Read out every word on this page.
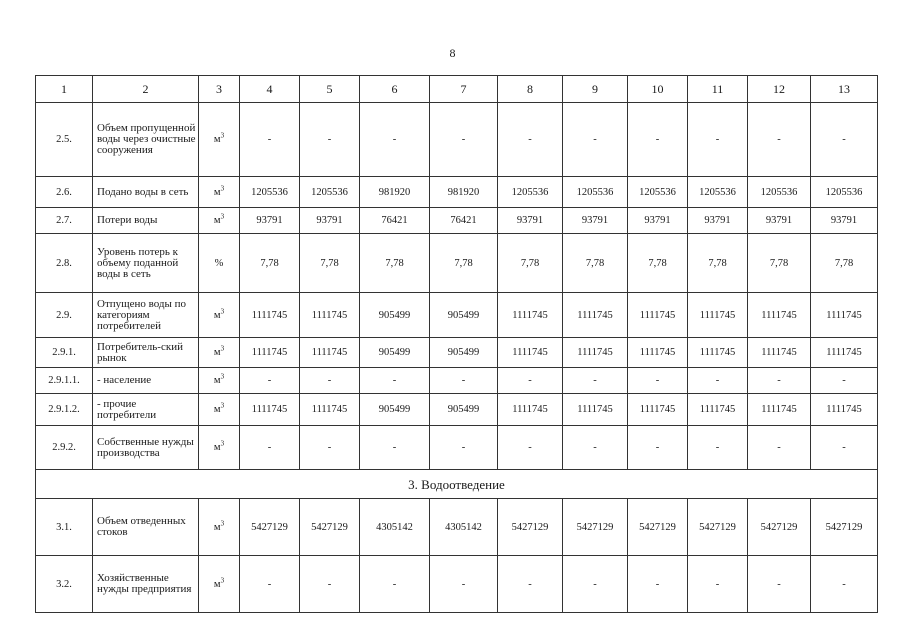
8
1	2	3	4	5	6	7	8	9	10	11	12	13
2.5.	Объем пропущенной воды через очистные сооружения	$м^3$	-	-	-	-	-	-	-	-	-	-
2.6.	Подано воды в сеть	$м^3$	1205536	1205536	981920	981920	1205536	1205536	1205536	1205536	1205536	1205536
2.7.	Потери воды	$м^3$	93791	93791	76421	76421	93791	93791	93791	93791	93791	93791
2.8.	Уровень потерь к объему поданной воды в сеть	%	7,78	7,78	7,78	7,78	7,78	7,78	7,78	7,78	7,78	7,78
2.9.	Отпущено воды по категориям потребителей	$м^3$	1111745	1111745	905499	905499	1111745	1111745	1111745	1111745	1111745	1111745
2.9.1.	Потребитель-ский рынок	$м^3$	1111745	1111745	905499	905499	1111745	1111745	1111745	1111745	1111745	1111745
2.9.1.1.	- население	$м^3$	-	-	-	-	-	-	-	-	-	-
2.9.1.2.	- прочие потребители	$м^3$	1111745	1111745	905499	905499	1111745	1111745	1111745	1111745	1111745	1111745
2.9.2.	Собственные нужды производства	$м^3$	-	-	-	-	-	-	-	-	-	-
3. Водоотведение												
3.1.	Объем отведенных стоков	$м^3$	5427129	5427129	4305142	4305142	5427129	5427129	5427129	5427129	5427129	5427129
3.2.	Хозяйственные нужды предприятия	$м^3$	-	-	-	-	-	-	-	-	-	-
